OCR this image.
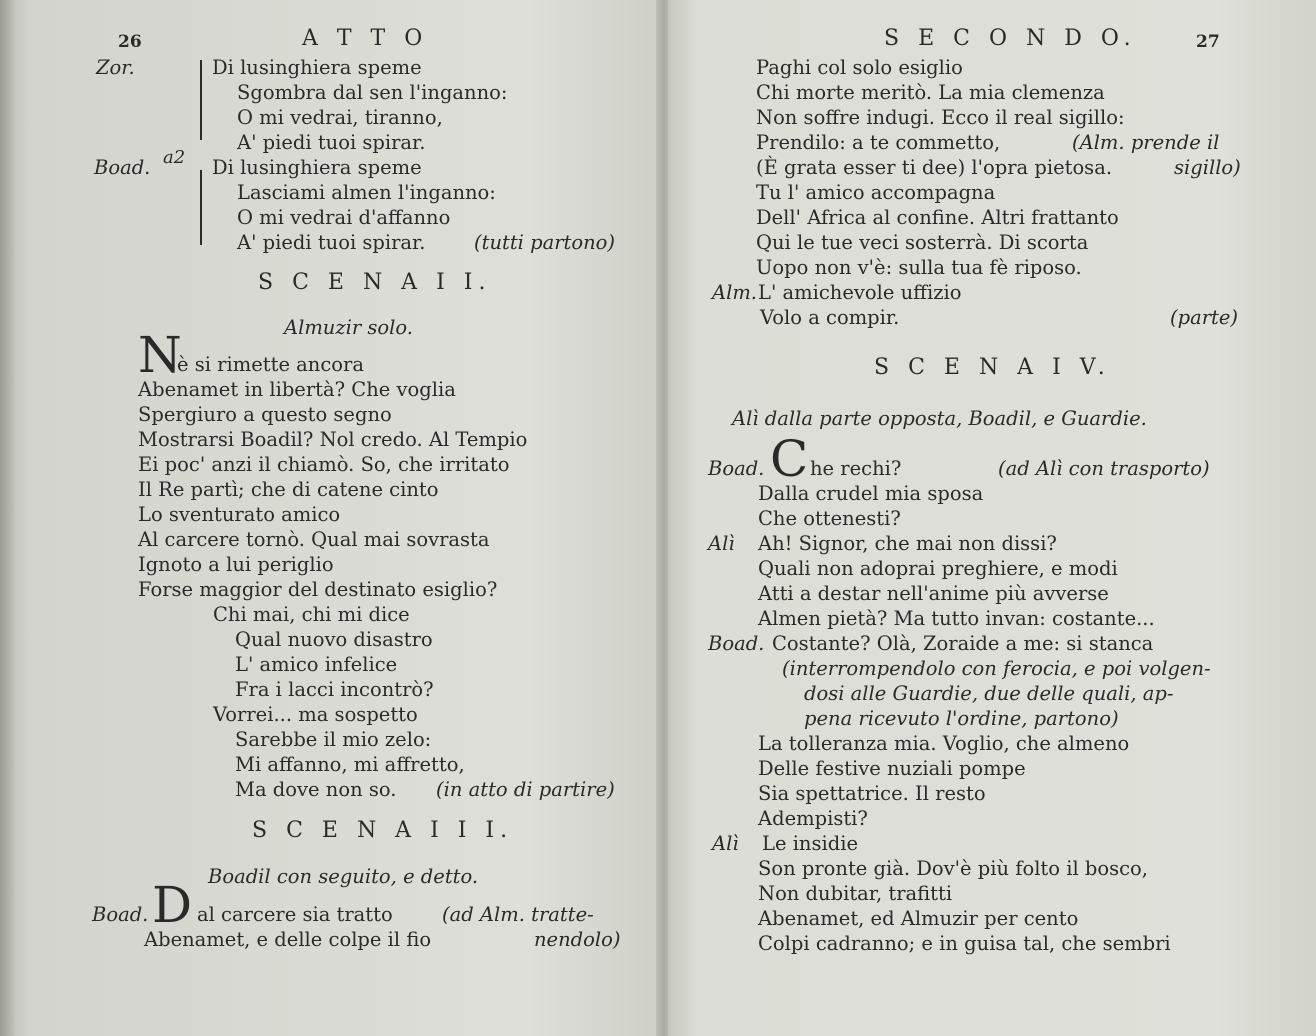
26	A T T O
Zor.
Boad. a2
Di lusinghiera speme
Sgombra dal sen l'inganno:
O mi vedrai, tiranno,
A' piedi tuoi spirar.
Di lusinghiera speme
Lasciami almen l'inganno:
O mi vedrai d'affanno
A' piedi tuoi spirar. (tutti partono)
S C E N A I I.
Almuzir solo.
N
è si rimette ancora
Abenamet in libertà? Che voglia
Spergiuro a questo segno
Mostrarsi Boadil? Nol credo. Al Tempio
Ei poc' anzi il chiamò. So, che irritato
Il Re partì; che di catene cinto
Lo sventurato amico
Al carcere tornò. Qual mai sovrasta
Ignoto a lui periglio
Forse maggior del destinato esiglio?
Chi mai, chi mi dice
Qual nuovo disastro
L' amico infelice
Fra i lacci incontrò?
Vorrei... ma sospetto
Sarebbe il mio zelo:
Mi affanno, mi affretto,
Ma dove non so. (in atto di partire)
S C E N A I I I.
Boadil con seguito, e detto.
Boad. D al carcere sia tratto	(ad Alm. tratte-
Abenamet, e delle colpe il fio	nendolo)
S E C O N D O.	27
Paghi col solo esiglio
Chi morte meritò. La mia clemenza
Non soffre indugi. Ecco il real sigillo:
Prendilo: a te commetto,	(Alm. prende il
(È grata esser ti dee) l'opra pietosa.	sigillo)
Tu l' amico accompagna
Dell' Africa al confine. Altri frattanto
Qui le tue veci sosterrà. Di scorta
Uopo non v'è: sulla tua fè riposo.
Alm. L' amichevole uffizio
Volo a compir.	(parte)
S C E N A I V.
Alì dalla parte opposta, Boadil, e Guardie.
Boad. C he rechi?	(ad Alì con trasporto)
Dalla crudel mia sposa
Che ottenesti?
Alì Ah! Signor, che mai non dissi?
Quali non adoprai preghiere, e modi
Atti a destar nell'anime più avverse
Almen pietà? Ma tutto invan: costante...
Boad. Costante? Olà, Zoraide a me: si stanca
(interrompendolo con ferocia, e poi volgen-
dosi alle Guardie, due delle quali, ap-
pena ricevuto l'ordine, partono)
La tolleranza mia. Voglio, che almeno
Delle festive nuziali pompe
Sia spettatrice. Il resto
Adempisti?
Alì Le insidie
Son pronte già. Dov'è più folto il bosco,
Non dubitar, trafitti
Abenamet, ed Almuzir per cento
Colpi cadranno; e in guisa tal, che sembri
